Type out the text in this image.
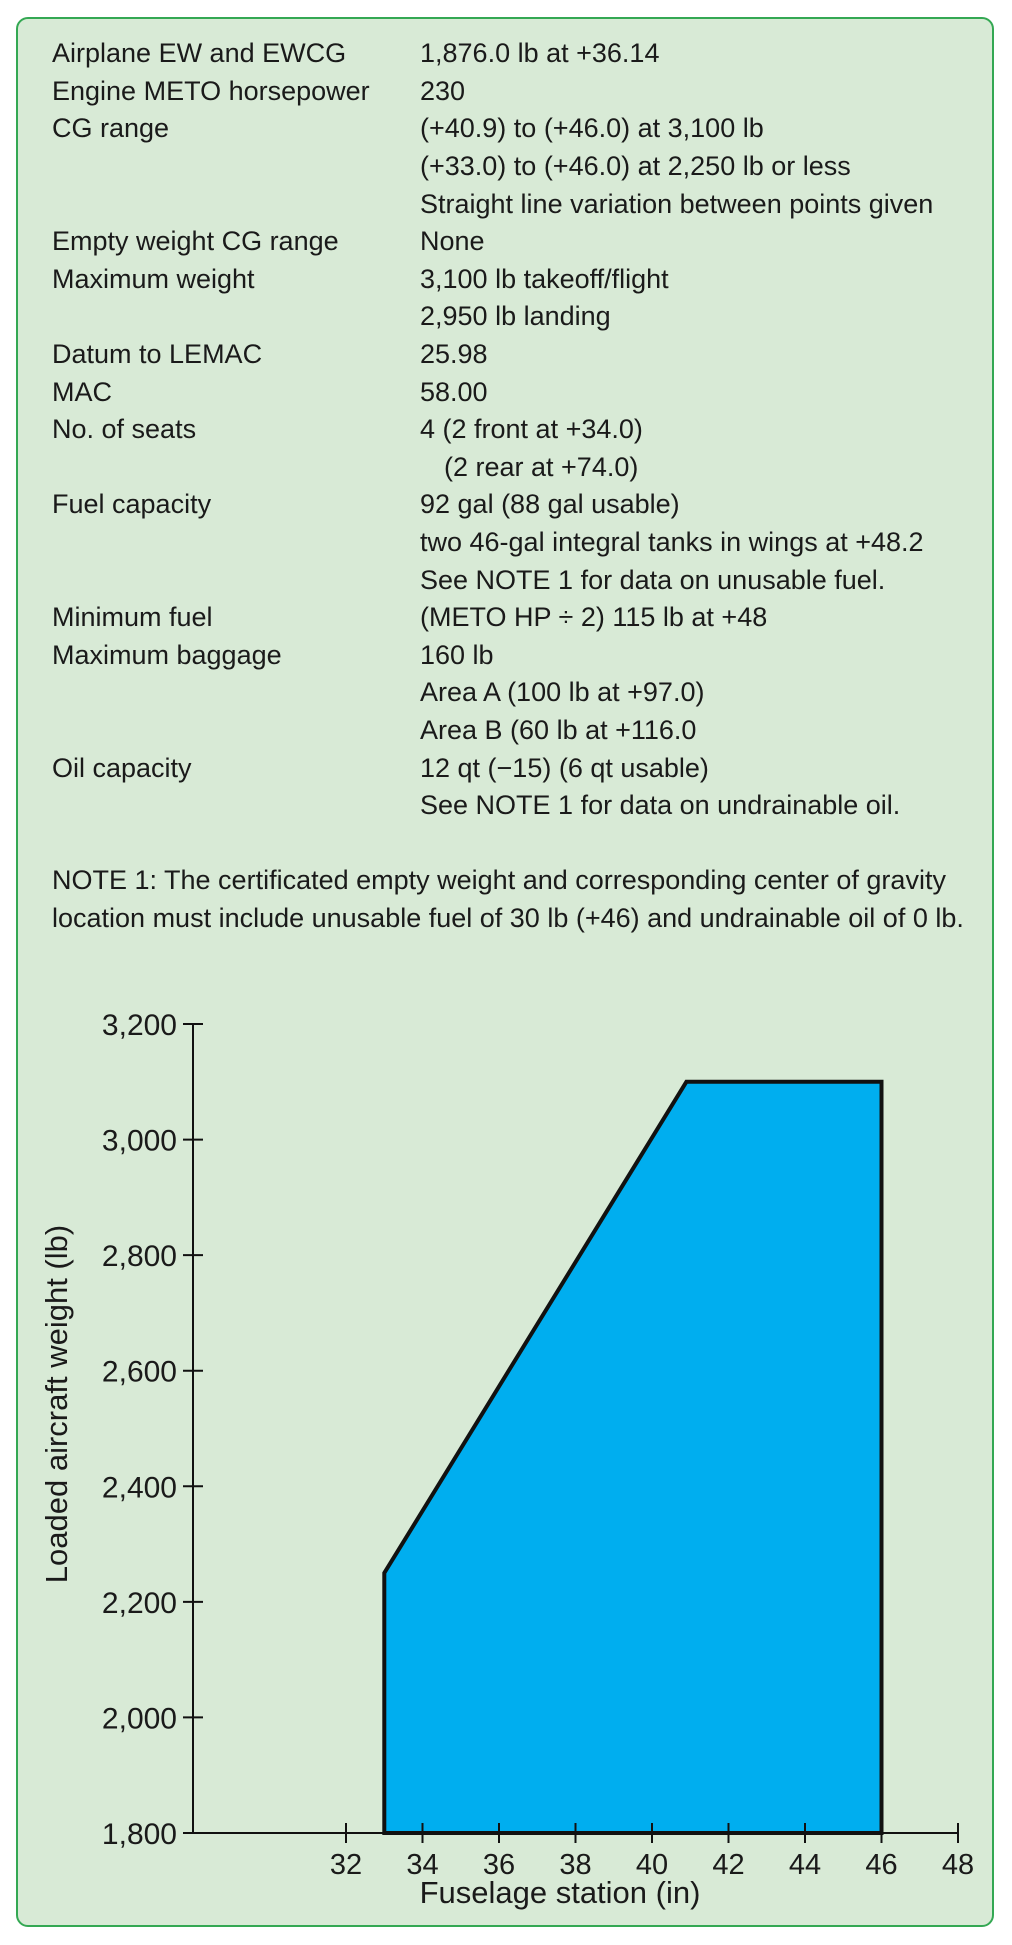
Airplane EW and EWCG	1,876.0 lb at +36.14
Engine METO horsepower	230
CG range	(+40.9) to (+46.0) at 3,100 lb
(+33.0) to (+46.0) at 2,250 lb or less
Straight line variation between points given
Empty weight CG range	None
Maximum weight	3,100 lb takeoff/flight
2,950 lb landing
Datum to LEMAC	25.98
MAC	58.00
No. of seats	4 (2 front at +34.0)
(2 rear at +74.0)
Fuel capacity	92 gal (88 gal usable)
two 46-gal integral tanks in wings at +48.2
See NOTE 1 for data on unusable fuel.
Minimum fuel	(METO HP ÷ 2) 115 lb at +48
Maximum baggage	160 lb
Area A (100 lb at +97.0)
Area B (60 lb at +116.0
Oil capacity	12 qt (−15) (6 qt usable)
See NOTE 1 for data on undrainable oil.
NOTE 1: The certificated empty weight and corresponding center of gravity location must include unusable fuel of 30 lb (+46) and undrainable oil of 0 lb.
1,800
2,000
2,200
2,400
2,600
2,800
3,000
3,200
32 34 36 38 40 42 44 46 48
Fuselage station (in)
Loaded aircraft weight (lb)
